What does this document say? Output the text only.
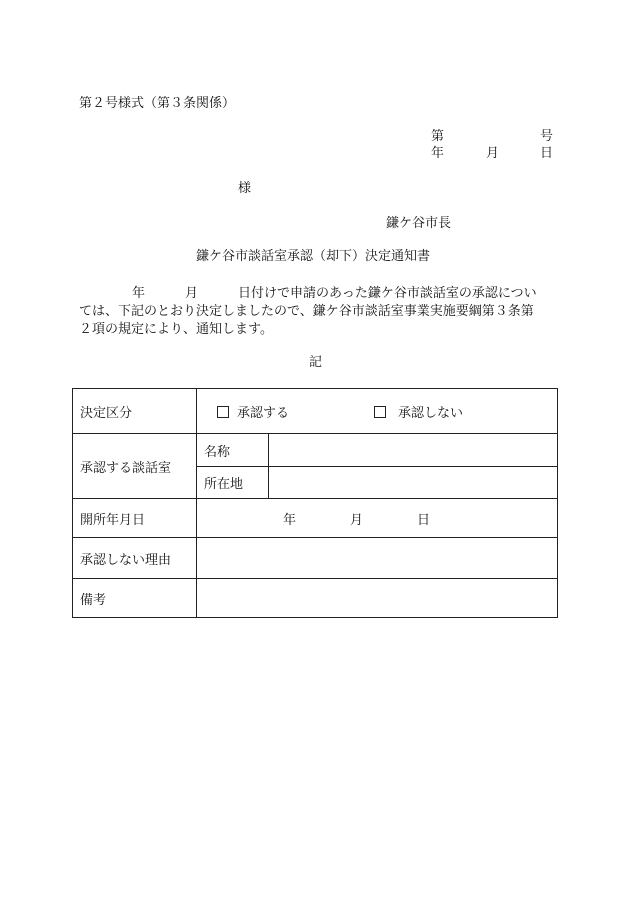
第２号様式（第３条関係）
第	号
年	月	日
様
鎌ケ谷市長
鎌ケ谷市談話室承認（却下）決定通知書
年	月	日付けで申請のあった鎌ケ谷市談話室の承認につい
ては、下記のとおり決定しましたので、鎌ケ谷市談話室事業実施要綱第３条第
２項の規定により、通知します。
記
決定区分	承認する 承認しない	
承認する談話室	名称	
	所在地	
開所年月日	年 月 日	
承認しない理由		
備考		
